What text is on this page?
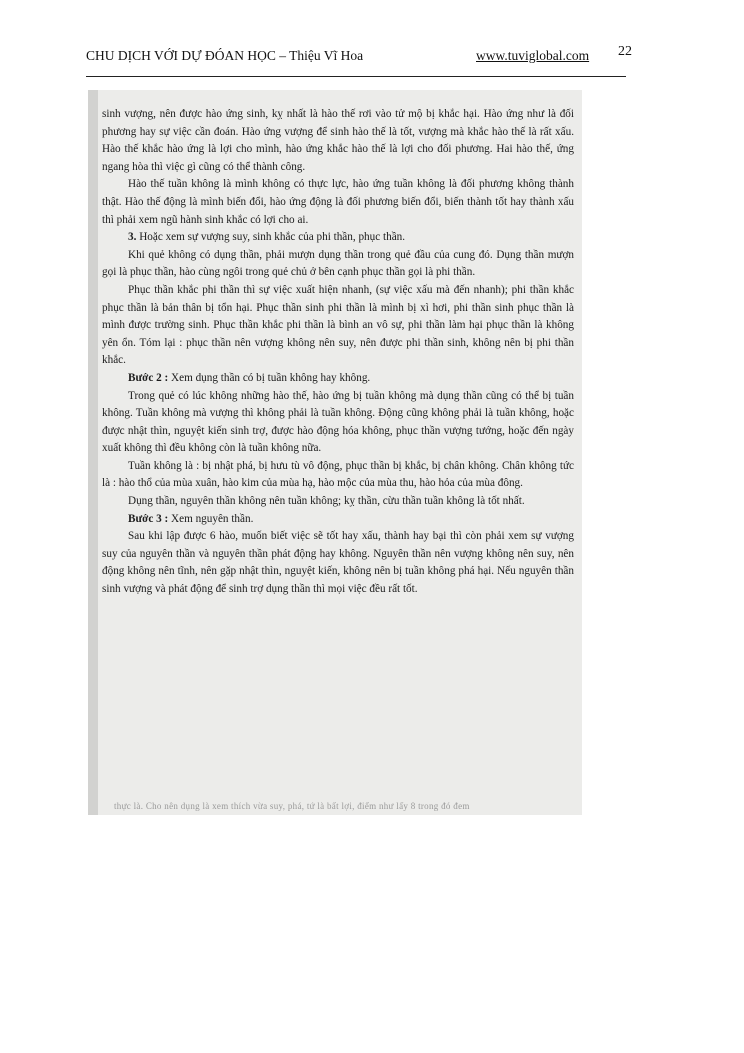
CHU DỊCH VỚI DỰ ĐÓAN HỌC – Thiệu Vĩ Hoa	www.tuviglobal.com 22

sinh vượng, nên được hào ứng sinh, kỵ nhất là hào thế rơi vào tử mộ bị khắc hại. Hào ứng như là đối phương hay sự việc cần đoán. Hào ứng vượng để sinh hào thế là tốt, vượng mà khắc hào thế là rất xấu. Hào thế khắc hào ứng là lợi cho mình, hào ứng khắc hào thế là lợi cho đối phương. Hai hào thế, ứng ngang hòa thì việc gì cũng có thể thành công.

Hào thế tuần không là mình không có thực lực, hào ứng tuần không là đối phương không thành thật. Hào thế động là mình biến đổi, hào ứng động là đối phương biến đổi, biến thành tốt hay thành xấu thì phải xem ngũ hành sinh khắc có lợi cho ai.

3. Hoặc xem sự vượng suy, sinh khắc của phi thần, phục thần.

Khi quẻ không có dụng thần, phải mượn dụng thần trong quẻ đầu của cung đó. Dụng thần mượn gọi là phục thần, hào cùng ngôi trong quẻ chủ ở bên cạnh phục thần gọi là phi thần.

Phục thần khắc phi thần thì sự việc xuất hiện nhanh, (sự việc xấu mà đến nhanh); phi thần khắc phục thần là bản thân bị tổn hại. Phục thần sinh phi thần là mình bị xì hơi, phi thần sinh phục thần là mình được trường sinh. Phục thần khắc phi thần là bình an vô sự, phi thần làm hại phục thần là không yên ổn. Tóm lại : phục thần nên vượng không nên suy, nên được phi thần sinh, không nên bị phi thần khắc.

Bước 2 : Xem dụng thần có bị tuần không hay không.

Trong quẻ có lúc không những hào thế, hào ứng bị tuần không mà dụng thần cũng có thể bị tuần không. Tuần không mà vượng thì không phải là tuần không. Động cũng không phải là tuần không, hoặc được nhật thìn, nguyệt kiến sinh trợ, được hào động hóa không, phục thần vượng tướng, hoặc đến ngày xuất không thì đều không còn là tuần không nữa.

Tuần không là : bị nhật phá, bị hưu tù vô động, phục thần bị khắc, bị chân không. Chân không tức là : hào thổ của mùa xuân, hào kim của mùa hạ, hào mộc của mùa thu, hào hỏa của mùa đông.

Dụng thần, nguyên thần không nên tuần không; kỵ thần, cừu thần tuần không là tốt nhất.

Bước 3 : Xem nguyên thần.

Sau khi lập được 6 hào, muốn biết việc sẽ tốt hay xấu, thành hay bại thì còn phải xem sự vượng suy của nguyên thần và nguyên thần phát động hay không. Nguyên thần nên vượng không nên suy, nên động không nên tĩnh, nên gặp nhật thìn, nguyệt kiến, không nên bị tuần không phá hại. Nếu nguyên thần sinh vượng và phát động để sinh trợ dụng thần thì mọi việc đều rất tốt.

thực là. Cho nên dụng là xem thích vừa suy, phá, tứ là bất lợi, điểm như lấy 8 trong đó đem
